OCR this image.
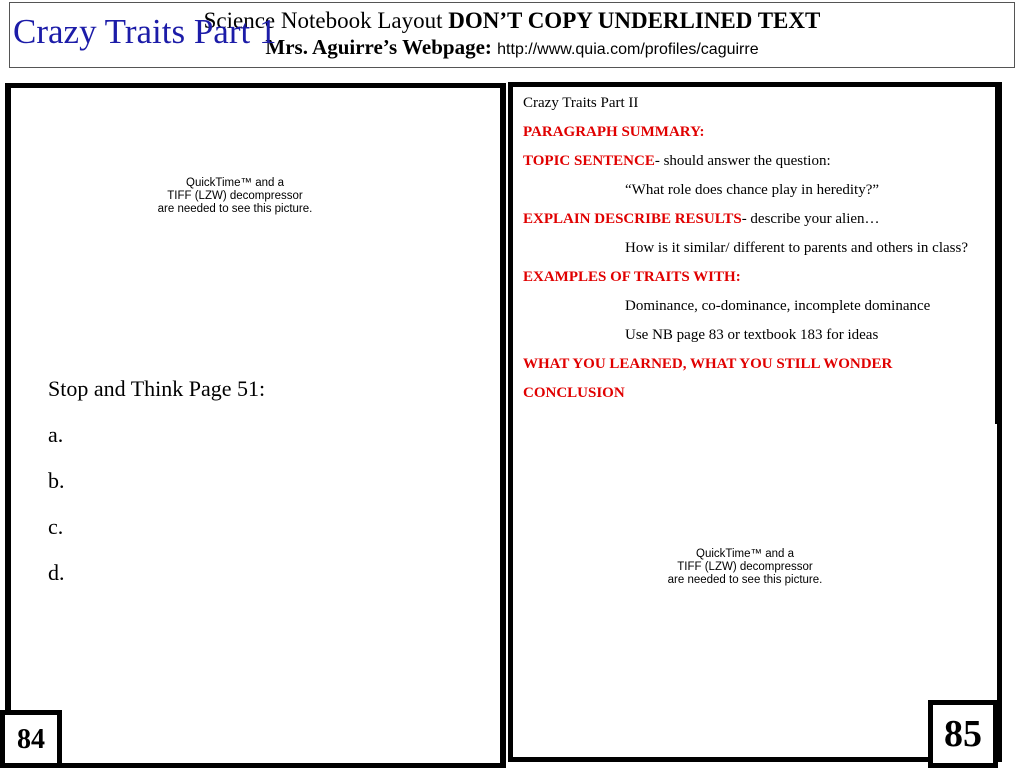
Science Notebook Layout DON’T COPY UNDERLINED TEXT
Mrs. Aguirre’s Webpage: http://www.quia.com/profiles/caguirre
Crazy Traits Part 1
QuickTime™ and a
TIFF (LZW) decompressor
are needed to see this picture.
Stop and Think Page 51:
a.
b.
c.
d.

Crazy Traits Part II

PARAGRAPH SUMMARY:

TOPIC SENTENCE- should answer the question:

“What role does chance play in heredity?”

EXPLAIN DESCRIBE RESULTS- describe your alien…

How is it similar/ different to parents and others in class?

EXAMPLES OF TRAITS WITH:

Dominance, co-dominance, incomplete dominance

Use NB page 83 or textbook 183 for ideas

WHAT YOU LEARNED, WHAT YOU STILL WONDER

CONCLUSION

QuickTime™ and a
TIFF (LZW) decompressor
are needed to see this picture.
84	85
